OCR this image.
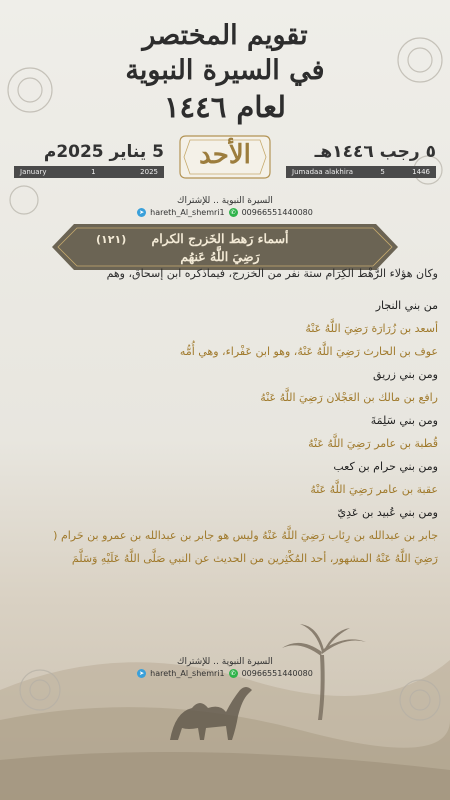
تقويم المختصر
في السيرة النبوية
لعام ١٤٤٦
٥ رجب ١٤٤٦هـ
Jumadaa alakhira	5	1446
الأحد
5 يناير 2025م
January	1	2025
السيرة النبوية .. للإشتراك
➤ hareth_Al_shemri1 ✆ 00966551440080
(١٢١)	أسماء رَهط الخَزرج الكرام
رَضِيَ اللَّهُ عَنهُم

وكان هؤلاء الرَّهْط الكِرَام ستة نفر من الخزرج، فيماذكره ابن إسحاق، وهم

من بني النجار

أسعد بن زُرَارَة رَضِيَ اللَّهُ عَنْهُ

عوف بن الحارث رَضِيَ اللَّهُ عَنْهُ، وهو ابن عَفْراء، وهي أُمُّه

ومن بني زريق

رافع بن مالك بن العَجْلان رَضِيَ اللَّهُ عَنْهُ

ومن بني سَلِمَةَ

قُطبة بن عامر رَضِيَ اللَّهُ عَنْهُ

ومن بني حرام بن كعب

عقبة بن عامر رَضِيَ اللَّهُ عَنْهُ

ومن بني عُبيد بن عَدِيّ

جابر بن عبدالله بن رِئاب رَضِيَ اللَّهُ عَنْهُ وليس هو جابر بن عبدالله بن عمرو بن حَرام (

رَضِيَ اللَّهُ عَنْهُ المشهور، أحد المُكْثِرين من الحديث عن النبي صَلَّى اللَّهُ عَلَيْهِ وَسَلَّمَ

السيرة النبوية .. للإشتراك
➤ hareth_Al_shemri1 ✆ 00966551440080
